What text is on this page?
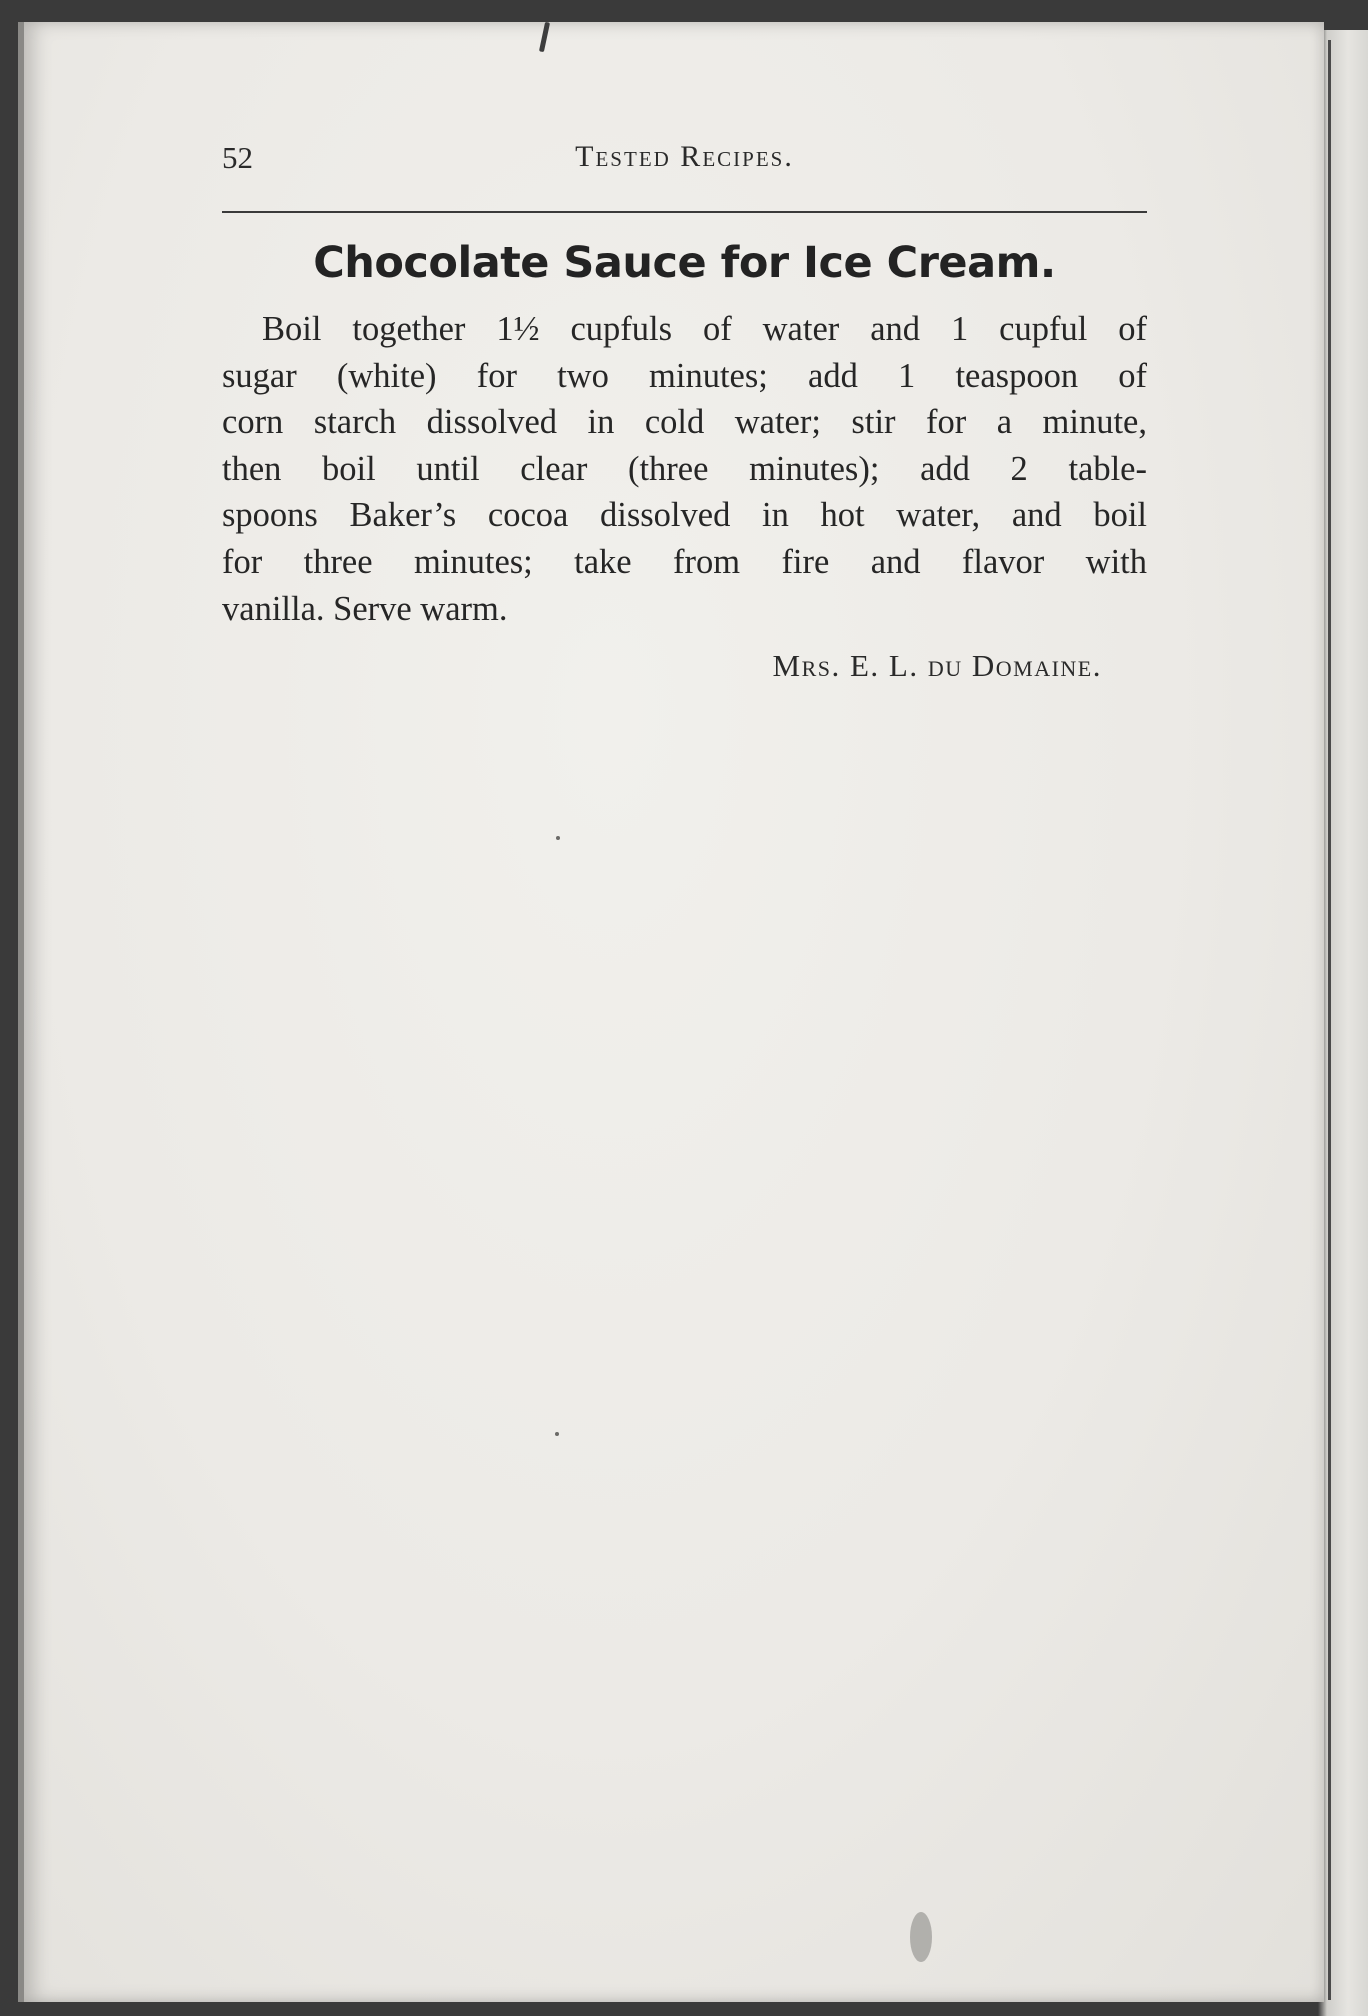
52	Tested Recipes.
Chocolate Sauce for Ice Cream.
Boil together 1½ cupfuls of water and 1 cupful of
sugar (white) for two minutes; add 1 teaspoon of
corn starch dissolved in cold water; stir for a minute,
then boil until clear (three minutes); add 2 table-
spoons Baker’s cocoa dissolved in hot water, and boil
for three minutes; take from fire and flavor with
vanilla. Serve warm.
Mrs. E. L. du Domaine.
